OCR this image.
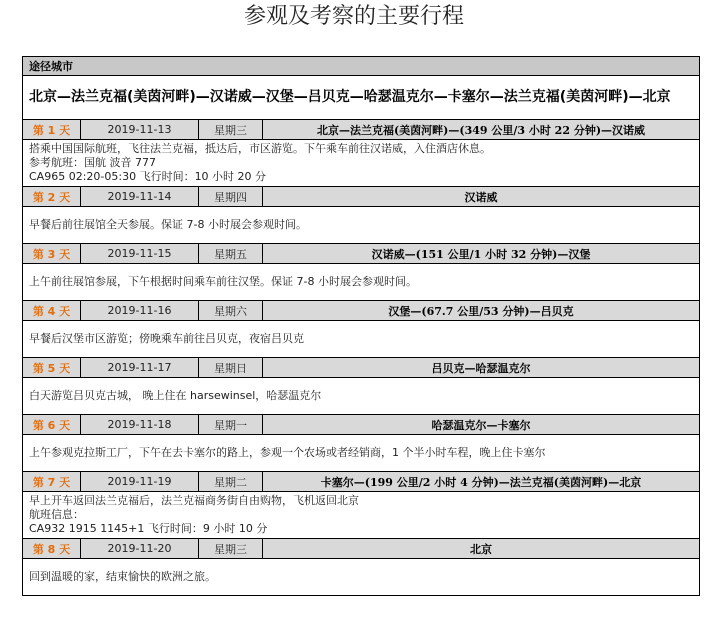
参观及考察的主要行程
途径城市			
北京—法兰克福(美茵河畔)—汉诺威—汉堡—吕贝克—哈瑟温克尔—卡塞尔—法兰克福(美茵河畔)—北京			
第 1 天	2019-11-13	星期三	北京—法兰克福(美茵河畔)—(349 公里/3 小时 22 分钟)—汉诺威

搭乘中国国际航班，飞往法兰克福，抵达后，市区游览。下午乘车前往汉诺威，入住酒店休息。
参考航班：国航 波音 777
CA965 02:20-05:30 飞行时间：10 小时 20 分			

第 2 天	2019-11-14	星期四	汉诺威

早餐后前往展馆全天参展。保证 7-8 小时展会参观时间。			

第 3 天	2019-11-15	星期五	汉诺威—(151 公里/1 小时 32 分钟)—汉堡

上午前往展馆参展，下午根据时间乘车前往汉堡。保证 7-8 小时展会参观时间。			

第 4 天	2019-11-16	星期六	汉堡—(67.7 公里/53 分钟)—吕贝克

早餐后汉堡市区游览；傍晚乘车前往吕贝克，夜宿吕贝克			

第 5 天	2019-11-17	星期日	吕贝克—哈瑟温克尔

白天游览吕贝克古城， 晚上住在 harsewinsel，哈瑟温克尔			

第 6 天	2019-11-18	星期一	哈瑟温克尔—卡塞尔

上午参观克拉斯工厂，下午在去卡塞尔的路上，参观一个农场或者经销商，1 个半小时车程，晚上住卡塞尔			

第 7 天	2019-11-19	星期二	卡塞尔—(199 公里/2 小时 4 分钟)—法兰克福(美茵河畔)—北京

早上开车返回法兰克福后，法兰克福商务街自由购物，飞机返回北京
航班信息：
CA932 1915 1145+1 飞行时间：9 小时 10 分			

第 8 天	2019-11-20	星期三	北京

回到温暖的家，结束愉快的欧洲之旅。			
